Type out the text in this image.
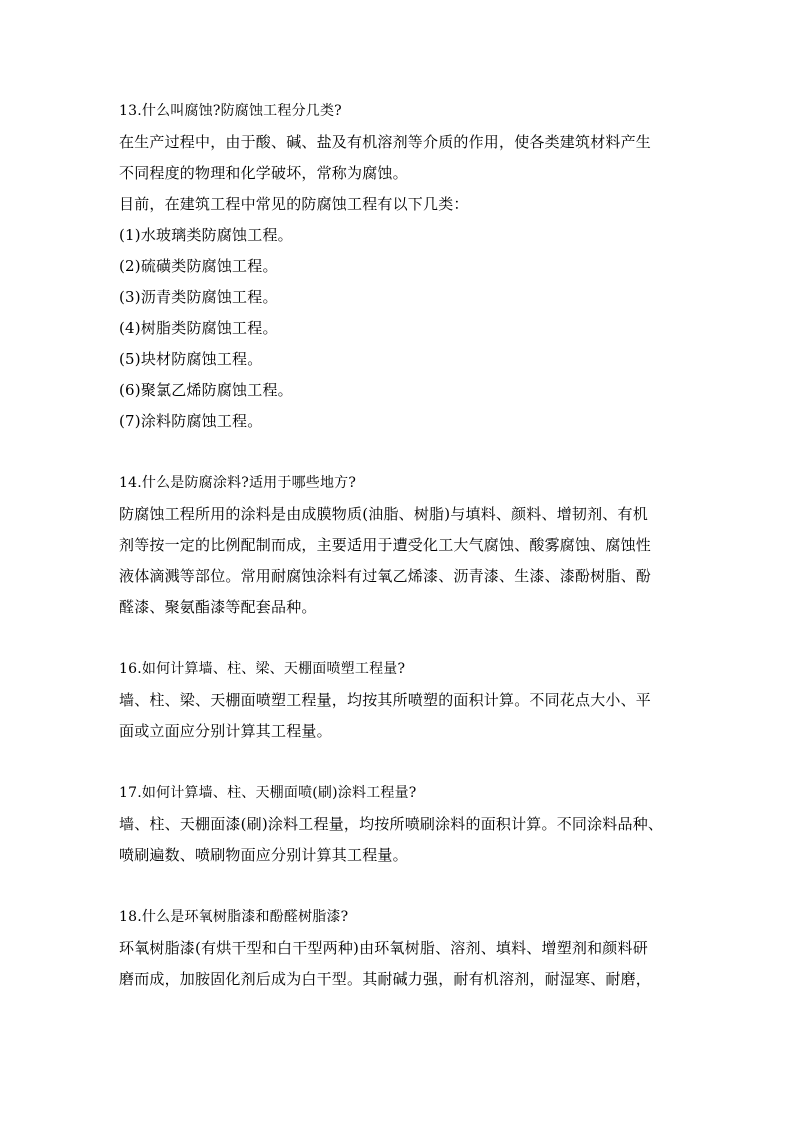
13.什么叫腐蚀?防腐蚀工程分几类?
在生产过程中，由于酸、碱、盐及有机溶剂等介质的作用，使各类建筑材料产生
不同程度的物理和化学破坏，常称为腐蚀。
目前，在建筑工程中常见的防腐蚀工程有以下几类：
(1)水玻璃类防腐蚀工程。
(2)硫磺类防腐蚀工程。
(3)沥青类防腐蚀工程。
(4)树脂类防腐蚀工程。
(5)块材防腐蚀工程。
(6)聚氯乙烯防腐蚀工程。
(7)涂料防腐蚀工程。
14.什么是防腐涂料?适用于哪些地方?
防腐蚀工程所用的涂料是由成膜物质(油脂、树脂)与填料、颜料、增韧剂、有机
剂等按一定的比例配制而成，主要适用于遭受化工大气腐蚀、酸雾腐蚀、腐蚀性
液体滴溅等部位。常用耐腐蚀涂料有过氧乙烯漆、沥青漆、生漆、漆酚树脂、酚
醛漆、聚氨酯漆等配套品种。
16.如何计算墙、柱、梁、天棚面喷塑工程量?
墙、柱、梁、天棚面喷塑工程量，均按其所喷塑的面积计算。不同花点大小、平
面或立面应分别计算其工程量。
17.如何计算墙、柱、天棚面喷(刷)涂料工程量?
墙、柱、天棚面漆(刷)涂料工程量，均按所喷刷涂料的面积计算。不同涂料品种、
喷刷遍数、喷刷物面应分别计算其工程量。
18.什么是环氧树脂漆和酚醛树脂漆?
环氧树脂漆(有烘干型和白干型两种)由环氧树脂、溶剂、填料、增塑剂和颜料研
磨而成，加胺固化剂后成为白干型。其耐碱力强，耐有机溶剂，耐湿寒、耐磨，
